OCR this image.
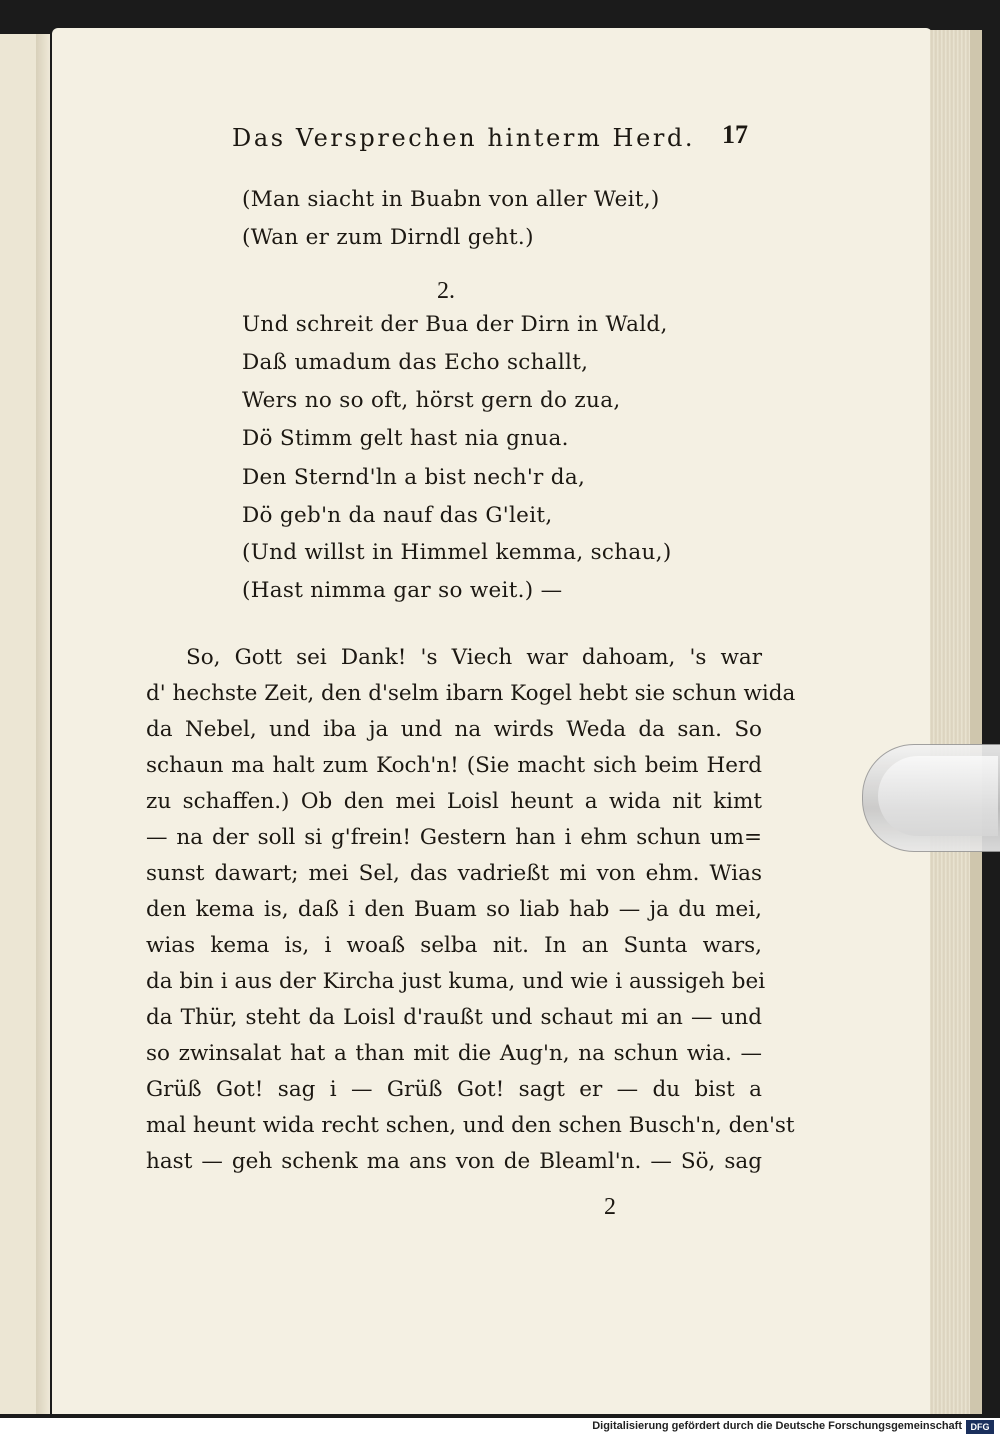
Das Versprechen hinterm Herd. 17
(Man siacht in Buabn von aller Weit,)
(Wan er zum Dirndl geht.)
2.
Und schreit der Bua der Dirn in Wald,
Daß umadum das Echo schallt,
Wers no so oft, hörst gern do zua,
Dö Stimm gelt hast nia gnua.
Den Sternd'ln a bist nech'r da,
Dö geb'n da nauf das G'leit,
(Und willst in Himmel kemma, schau,)
(Hast nimma gar so weit.) —
So, Gott sei Dank! 's Viech war dahoam, 's war
d' hechste Zeit, den d'selm ibarn Kogel hebt sie schun wida
da Nebel, und iba ja und na wirds Weda da san. So
schaun ma halt zum Koch'n! (Sie macht sich beim Herd
zu schaffen.) Ob den mei Loisl heunt a wida nit kimt
— na der soll si g'frein! Gestern han i ehm schun um=
sunst dawart; mei Sel, das vadrießt mi von ehm. Wias
den kema is, daß i den Buam so liab hab — ja du mei,
wias kema is, i woaß selba nit. In an Sunta wars,
da bin i aus der Kircha just kuma, und wie i aussigeh bei
da Thür, steht da Loisl d'raußt und schaut mi an — und
so zwinsalat hat a than mit die Aug'n, na schun wia. —
Grüß Got! sag i — Grüß Got! sagt er — du bist a
mal heunt wida recht schen, und den schen Busch'n, den'st
hast — geh schenk ma ans von de Bleaml'n. — Sö, sag
2
Digitalisierung gefördert durch die Deutsche Forschungsgemeinschaft DFG
